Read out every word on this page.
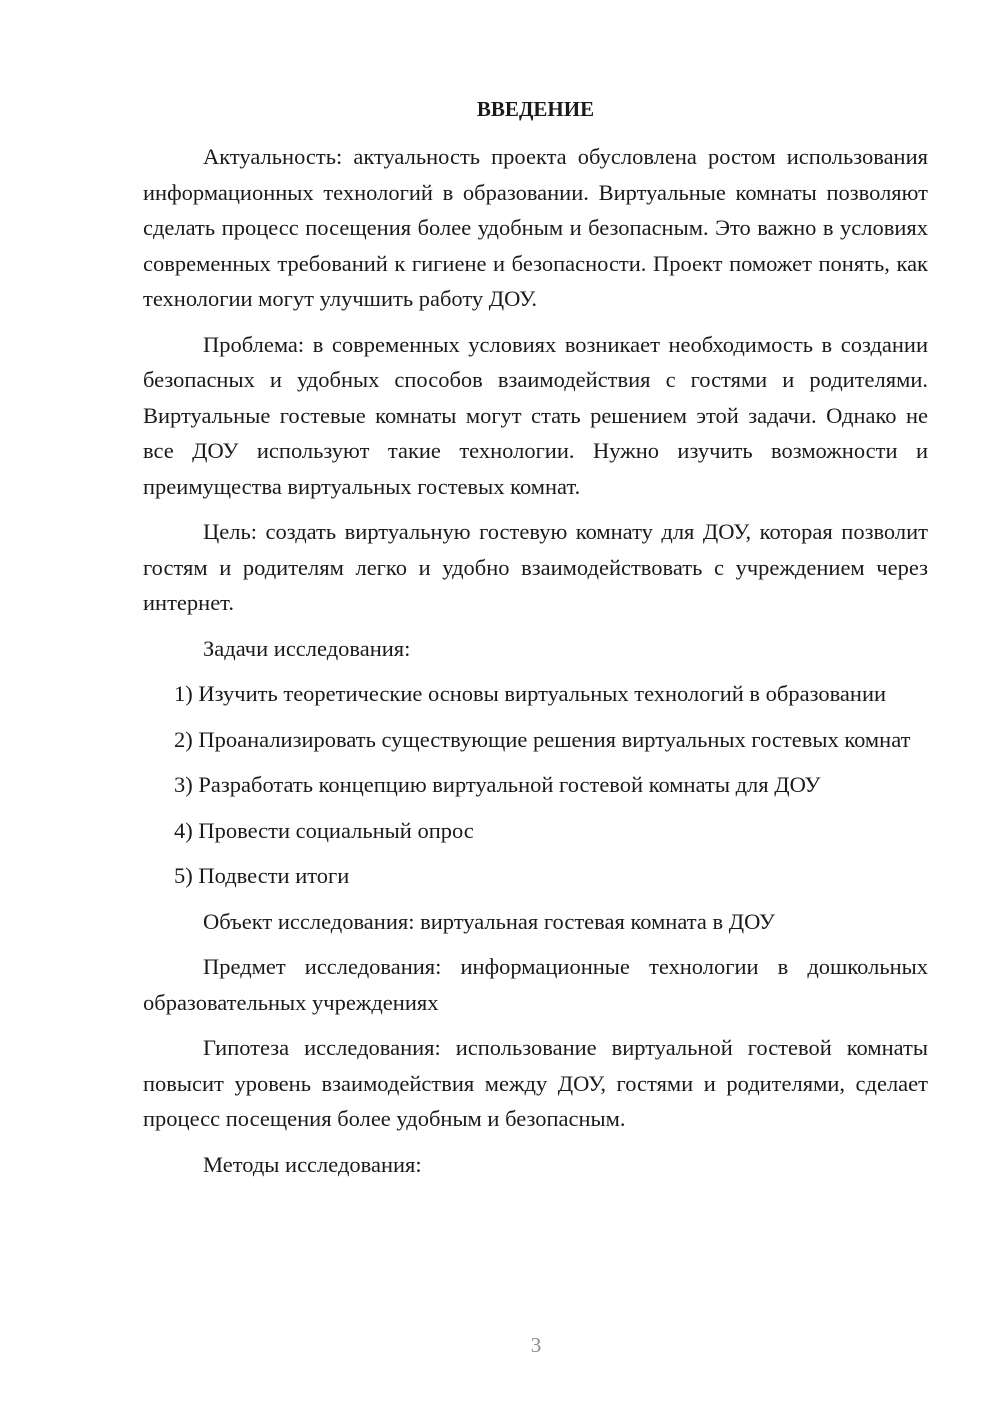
ВВЕДЕНИЕ

Актуальность: актуальность проекта обусловлена ростом использования информационных технологий в образовании. Виртуальные комнаты позволяют сделать процесс посещения более удобным и безопасным. Это важно в условиях современных требований к гигиене и безопасности. Проект поможет понять, как технологии могут улучшить работу ДОУ.

Проблема: в современных условиях возникает необходимость в создании безопасных и удобных способов взаимодействия с гостями и родителями. Виртуальные гостевые комнаты могут стать решением этой задачи. Однако не все ДОУ используют такие технологии. Нужно изучить возможности и преимущества виртуальных гостевых комнат.

Цель: создать виртуальную гостевую комнату для ДОУ, которая позволит гостям и родителям легко и удобно взаимодействовать с учреждением через интернет.

Задачи исследования:

1) Изучить теоретические основы виртуальных технологий в образовании

2) Проанализировать существующие решения виртуальных гостевых комнат

3) Разработать концепцию виртуальной гостевой комнаты для ДОУ

4) Провести социальный опрос

5) Подвести итоги

Объект исследования: виртуальная гостевая комната в ДОУ

Предмет исследования: информационные технологии в дошкольных образовательных учреждениях

Гипотеза исследования: использование виртуальной гостевой комнаты повысит уровень взаимодействия между ДОУ, гостями и родителями, сделает процесс посещения более удобным и безопасным.

Методы исследования:

3
